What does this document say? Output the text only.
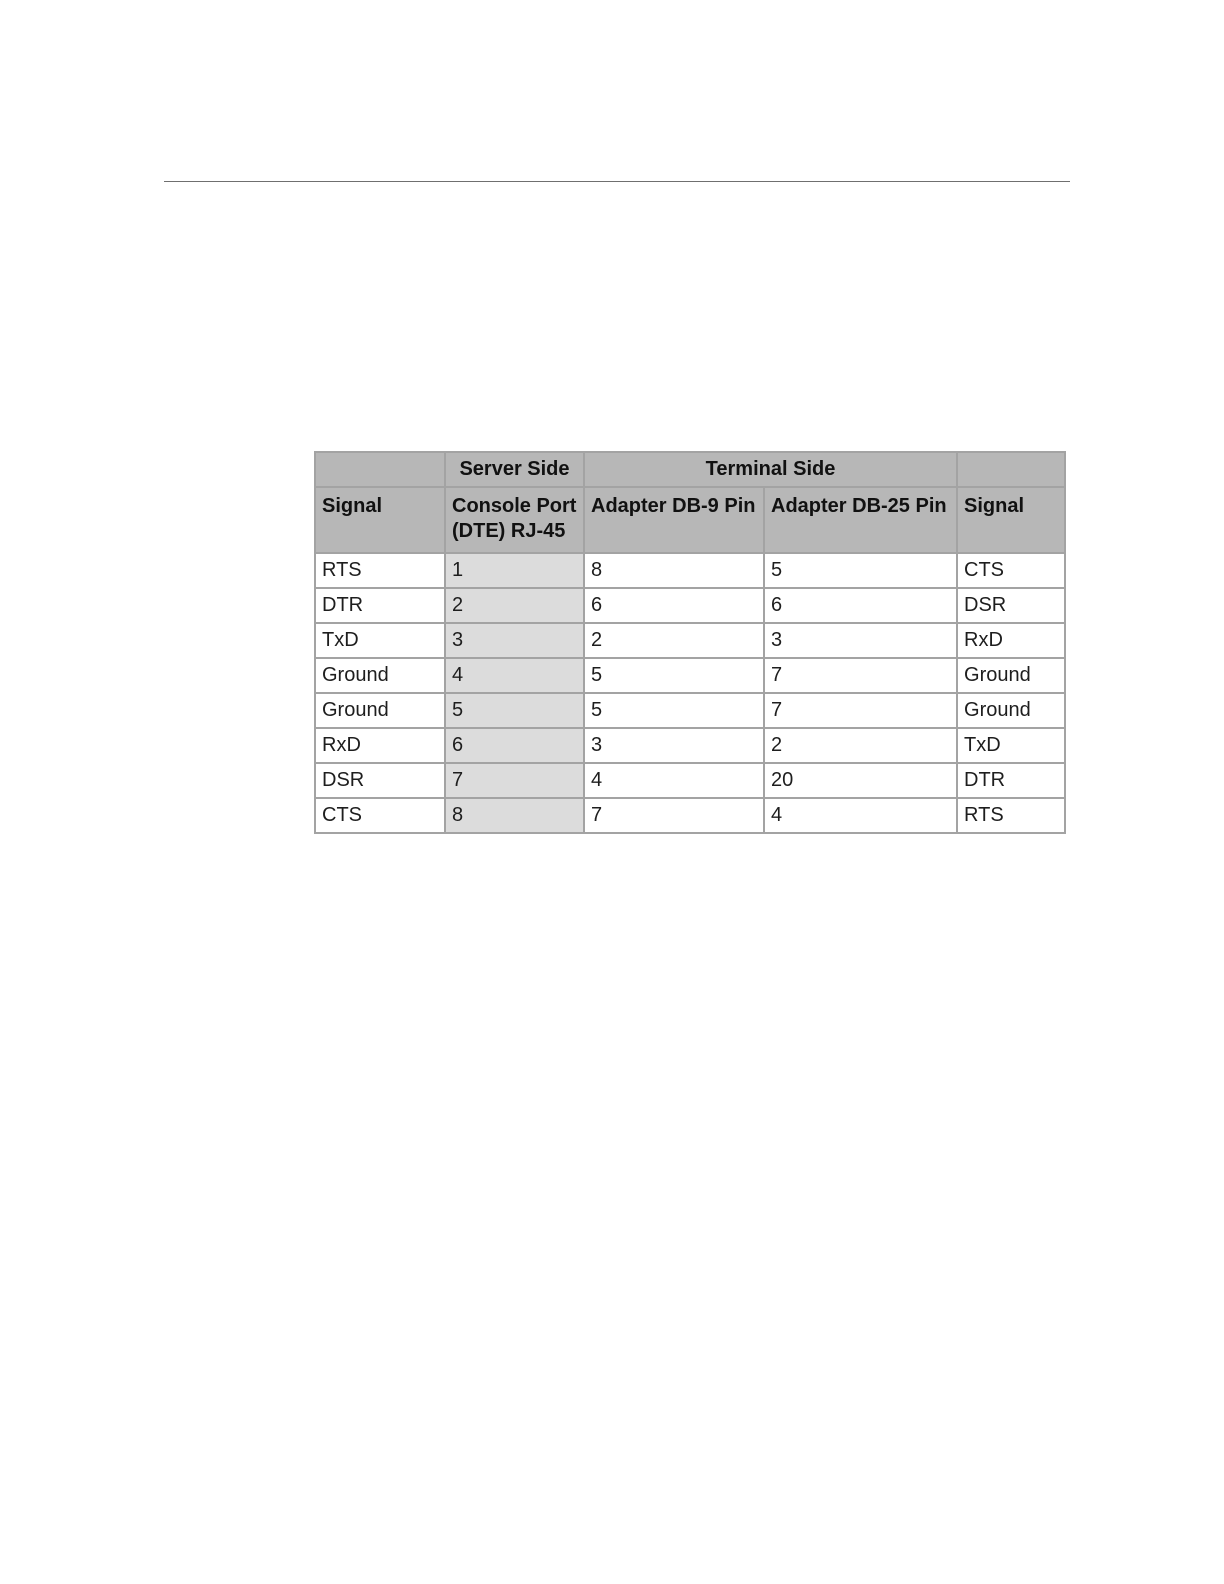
	Server Side	Terminal Side		
Signal	Console Port (DTE) RJ-45	Adapter DB-9 Pin	Adapter DB-25 Pin	Signal
RTS	1	8	5	CTS
DTR	2	6	6	DSR
TxD	3	2	3	RxD
Ground	4	5	7	Ground
Ground	5	5	7	Ground
RxD	6	3	2	TxD
DSR	7	4	20	DTR
CTS	8	7	4	RTS
